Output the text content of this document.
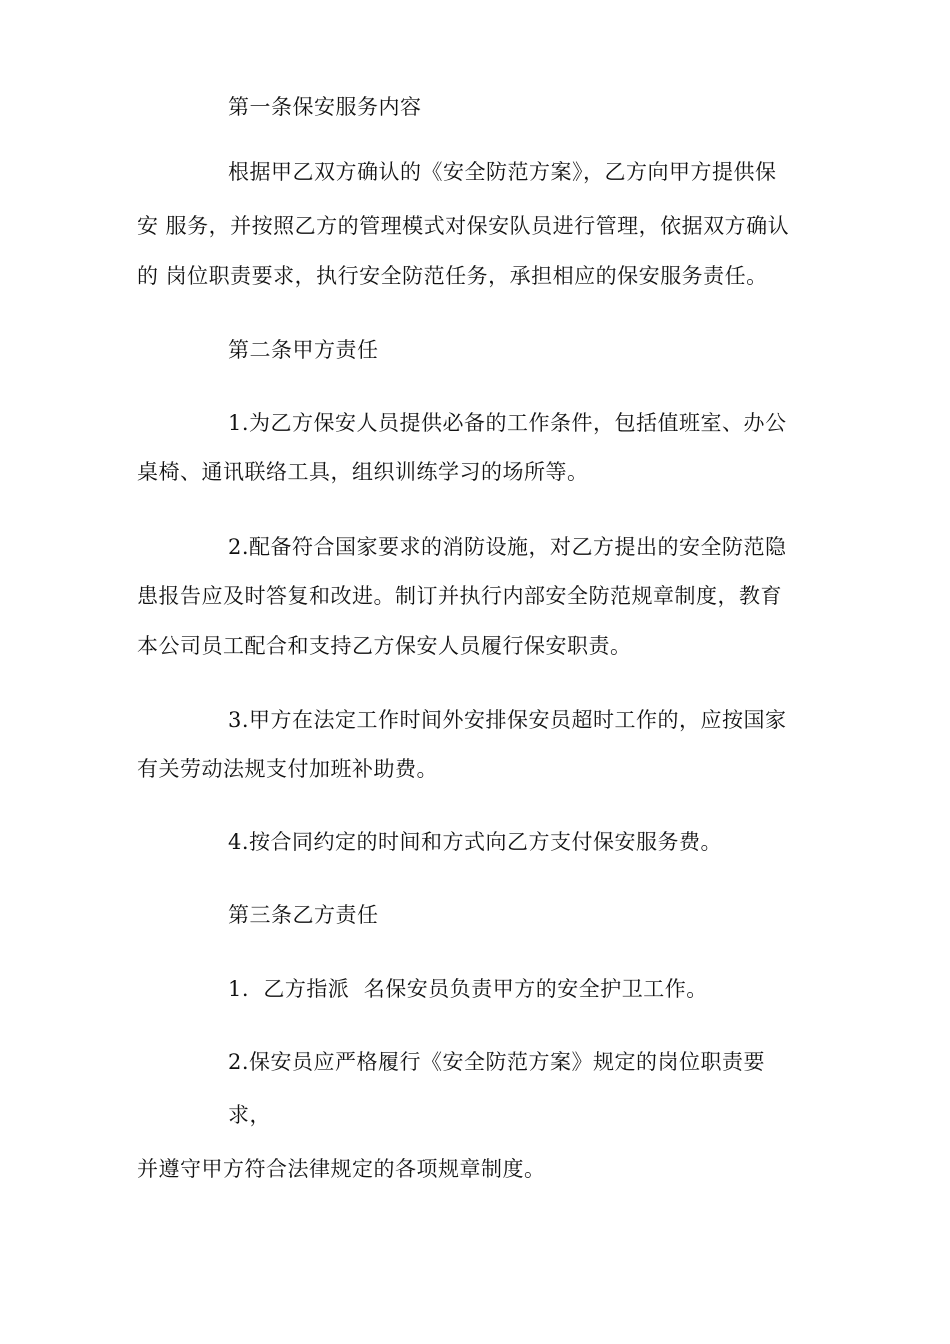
第一条保安服务内容
根据甲乙双方确认的《安全防范方案》，乙方向甲方提供保
安 服务，并按照乙方的管理模式对保安队员进行管理，依据双方确认
的 岗位职责要求，执行安全防范任务，承担相应的保安服务责任。
第二条甲方责任
1.为乙方保安人员提供必备的工作条件，包括值班室、办公
桌椅、通讯联络工具，组织训练学习的场所等。
2.配备符合国家要求的消防设施，对乙方提出的安全防范隐
患报告应及时答复和改进。制订并执行内部安全防范规章制度，教育
本公司员工配合和支持乙方保安人员履行保安职责。
3.甲方在法定工作时间外安排保安员超时工作的，应按国家
有关劳动法规支付加班补助费。
4.按合同约定的时间和方式向乙方支付保安服务费。
第三条乙方责任
1.  乙方指派  名保安员负责甲方的安全护卫工作。
2.保安员应严格履行《安全防范方案》规定的岗位职责要
求，
并遵守甲方符合法律规定的各项规章制度。
